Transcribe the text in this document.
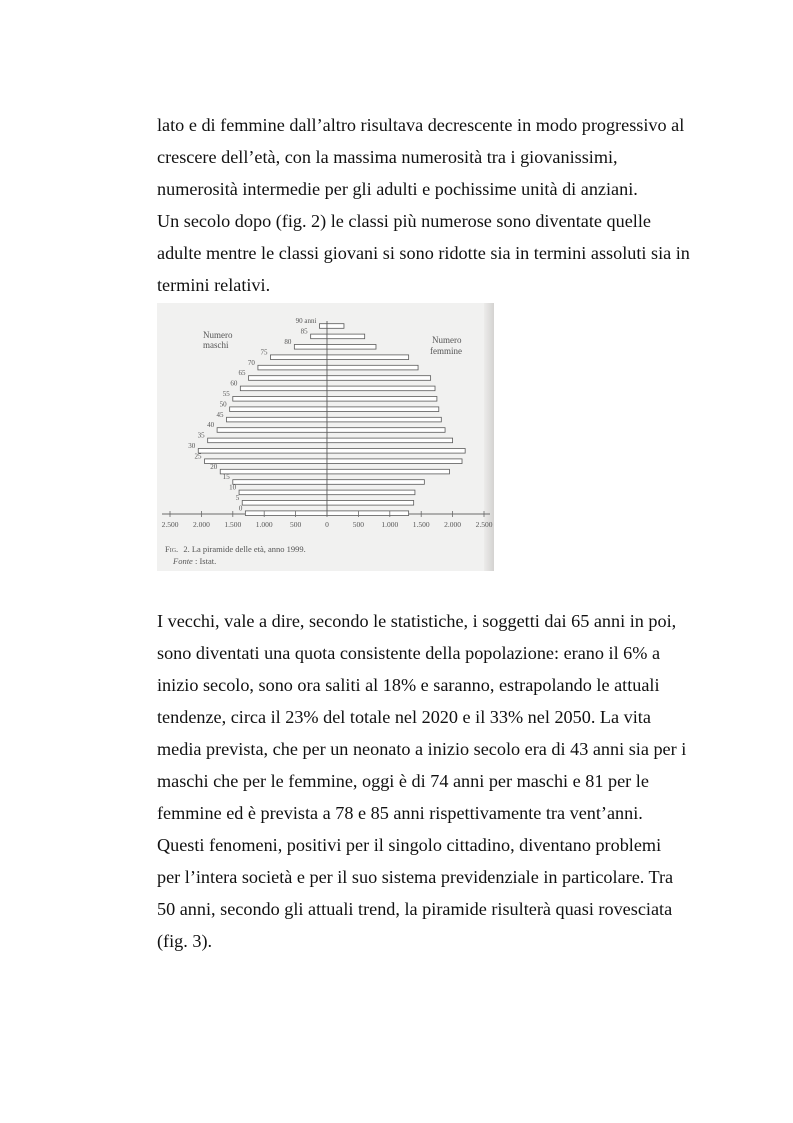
lato e di femmine dall’altro risultava decrescente in modo progressivo al
crescere dell’età, con la massima numerosità tra i giovanissimi,
numerosità intermedie per gli adulti e pochissime unità di anziani.
Un secolo dopo (fig. 2) le classi più numerose sono diventate quelle
adulte mentre le classi giovani si sono ridotte sia in termini assoluti sia in
termini relativi.

90 anni
85
80
75
70
65
60
55
50
45
40
35
30
25
20
15
10
5
0
2.500 2.000 1.500 1.000 500	0	500 1.000 1.500 2.000 2.500
Numero
maschi	Numero
femmine
Fig. 2. La piramide delle età, anno 1999.
Fonte : Istat.

I vecchi, vale a dire, secondo le statistiche, i soggetti dai 65 anni in poi,
sono diventati una quota consistente della popolazione: erano il 6% a
inizio secolo, sono ora saliti al 18% e saranno, estrapolando le attuali
tendenze, circa il 23% del totale nel 2020 e il 33% nel 2050. La vita
media prevista, che per un neonato a inizio secolo era di 43 anni sia per i
maschi che per le femmine, oggi è di 74 anni per maschi e 81 per le
femmine ed è prevista a 78 e 85 anni rispettivamente tra vent’anni.
Questi fenomeni, positivi per il singolo cittadino, diventano problemi
per l’intera società e per il suo sistema previdenziale in particolare. Tra
50 anni, secondo gli attuali trend, la piramide risulterà quasi rovesciata
(fig. 3).
